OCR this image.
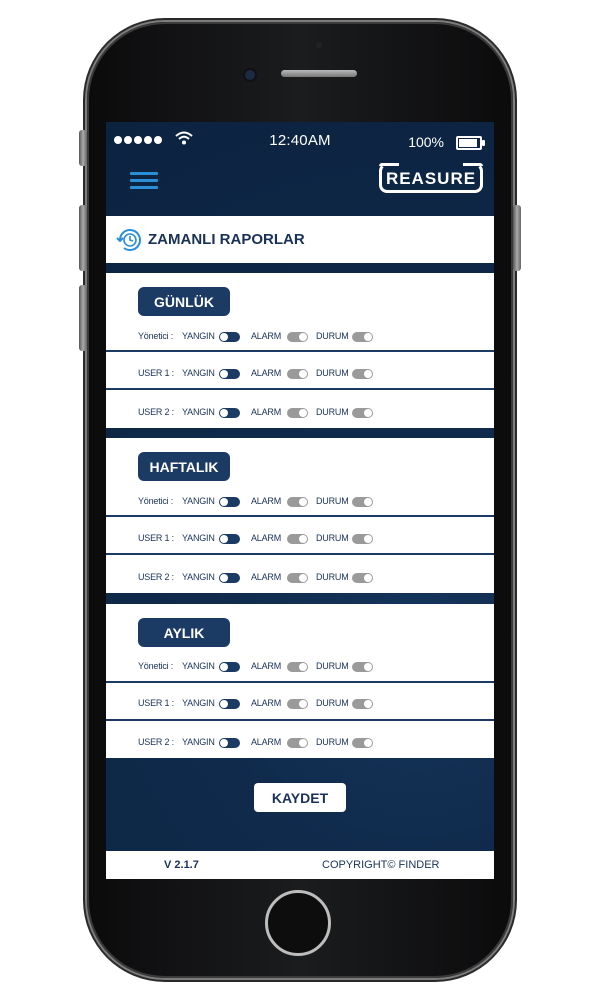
12:40AM	100%
REASURE
ZAMANLI RAPORLAR
GÜNLÜK
Yönetici : YANGIN	ALARM	DURUM
USER 1 : YANGIN	ALARM	DURUM
USER 2 : YANGIN	ALARM	DURUM
HAFTALIK
Yönetici : YANGIN	ALARM	DURUM
USER 1 : YANGIN	ALARM	DURUM
USER 2 : YANGIN	ALARM	DURUM
AYLIK
Yönetici : YANGIN	ALARM	DURUM
USER 1 : YANGIN	ALARM	DURUM
USER 2 : YANGIN	ALARM	DURUM
KAYDET
V 2.1.7	COPYRIGHT© FINDER
